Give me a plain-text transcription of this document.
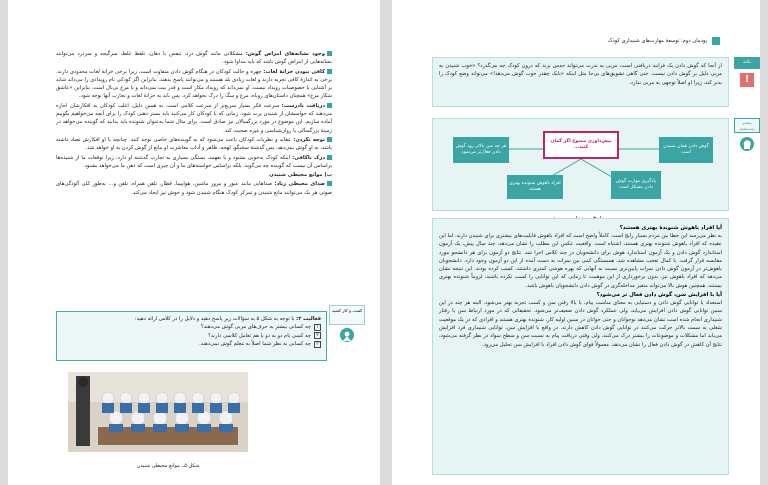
وجود نشانه‌های امراض گوش: مشکلاتی مانند گوش درد، تنفس با دهان، تلفظ غلط، سرگیجه و سردرد می‌توانند نشانه‌هایی از امراض گوش باشد که باید مداوا شود.
کافی نبودن خزانهٔ لغات: چهره و حالت کودکان در هنگام گوش دادن متفاوت است، زیرا برخی خزانهٔ لغات محدودی دارند. برخی به اندازهٔ کافی تجربه دارند و لغات زیادی بلد هستند و می‌توانند پاسخ بدهند. بنابراین اگر کودکی نام رویدادی را می‌داند شاید بر آشنایی با خصوصیات رویداد نیست. او نمی‌داند که رویداد مکار است و قدر بیت نمی‌داند و یا مرغ بی‌بال است. بنابراین «عاشق شکار مرغ» همچنان داستان‌های روباه، مرغ و سگ را درک نخواهد کرد. پس باید به خزانهٔ لغات و تجارب آنها توجه شود.
دریافت نادرست: سرعت فکر بسیار سریع‌تر از سرعت کلامی است. به همین دلیل، اغلب کودکان به افکارشان اجازه می‌دهند که حواسشان از شنیدن پرت شود. زمانی که با کودکان کار می‌کنید باید بستر ذهنی کودک را برای آنچه می‌خواهیم بگوییم آماده سازیم. این موضوع در مورد بزرگسالان نیز صادق است. برای مثال شما به‌عنوان شنونده باید بدانید که گوینده می‌خواهد در زمینهٔ بزرگسالی یا روان‌شناسی و غیره صحبت کند.
توجه نکردن: عقاید و نظریات کودکان باعث می‌شود که به گوینده‌های خاصی توجه کنند. چنانچه با او افکارش تضاد داشته باشد، به او گوش نمی‌دهد. پس گذشتهٔ سخنگو، لهجه، ظاهر و آداب معاشرت او مانع از گوش کردن به او خواهد شد.
درک ناکافی: اینکه کودک به‌خوبی بشنود و یا بفهمد، بستگی بسیاری به تجارب گذشته او دارد، زیرا توقعات ما از شنیده‌ها براساس آن نیست که گوینده چه می‌گوید، بلکه براساس خواسته‌های ما و آن چیزی است که ذهن ما می‌خواهد بشنود.
ب) موانع محیطی شنیدن
صدای محیطی زیاد: صداهایی مانند عبور و مرور ماشین، هواپیما، قطار، تلفن همراه، تلفن و… به‌طور کلی آلودگی‌های صوتی هر یک می‌توانند مانع شنیدن و تمرکز کودک هنگام شنیدن شود و خوش نیز ایجاد می‌کند.
کشت و کار کشید
فعالیت ۲: با توجه به شکل ۵ به سؤالات زیر پاسخ دهید و دلایل را در کلاس ارائه دهید:
۱
چه کسانی بیشتر به حرف‌های مربی گوش می‌دهند؟
۲
چه کسی نام دو به دو با هم تعامل کلاسی دارند؟
۳
چه کسانی به نظر شما اصلاً به معلم گوش نمی‌دهند.
شکل ۵ــ موانع محیطی شنیدن
پودمان دوم: توسعهٔ مهارت‌های شنیداری کودک
نکته
!
از آنجا که گوش دادن یک فرایند دریافتی است، مربی به ندرت می‌تواند حدس بزند که درون کودک چه می‌گذرد؟ «خوب شنیدن به مربی دلیل بر گوش دادن نیست. حتی گاهی تشویق‌های بی‌جا مثل اینکه «بابک چقدر خوب گوش می‌دهد!» می‌تواند وضع کودک را بدتر کند، زیرا او اصلاً توجهی به مربی ندارد.
بیشتر بیندیشیم
پیش‌داوری ممنوع اگر گمان کنید...	گوش دادن همان شنیدن است
هر چه سن بالاتر رود گوش دادن فعال‌تر می‌شود
یادگیری مهارت گوش دادن مشکل است
افراد باهوش شنونده بهتری هستند
آیا افراد باهوش شنوندهٔ بهتری هستند؟
به نظر می‌رسد این خطا بین مردم بسیار رایج است. کاملاً واضح است که افراد باهوش قابلیت‌های بیشتری برای شنیدن دارند، اما این عقیده که افراد باهوش شنونده بهتری هستند، اشتباه است. واقعیت عکس این مطلب را نشان می‌دهد. چند سال پیش، یک آزمون استاندارد گوش دادن و یک آزمون استاندارد هوش برای دانشجویان در چند کلاس اجرا شد. نتایج دو آزمون برای هر دانشجو مورد مقایسه قرار گرفت. با کمال تعجب مشاهده شد، همبستگی کمی بین نمرات به دست آمده از این دو آزمون وجود دارد. دانشجویان باهوش‌تر در آزمون گوش دادن نمرات پایین‌تری نسبت به آنهایی که بهره هوشی کمتری داشتند، کسب کرده بودند. این نتیجه نشان می‌دهد که افراد باهوش نیز، بدون برخورداری از این موهبت، تا زمانی که این توانایی را کسب نکرده باشند، لزوماً شنونده بهتری نیستند. همچنین هوش بالا می‌تواند متغیر مداخله‌گری در گوش دادن دانشجویان باهوش باشد.
آیا با افزایش سن، گوش دادن فعال تر می‌شود؟
استعداد یا توانایی گوش دادن و دستیابی به معنای مناسب پیام، با بالا رفتن سن و کسب تجربه بهتر می‌شود. البته هر چند در این سنین توانایی گوش دادن افزایش می‌یابد، ولی عملکرد گوش دادن ضعیف‌تر می‌شود. تحقیقاتی که در مورد ارتباط سن با رفتار شنیداری انجام شده است نشان می‌دهد نوجوانان و حتی جوانان در سنین اولیه کار، شنونده بهتری هستند و افرادی که در یک موقعیت شغلی به سمت بالاتر حرکت می‌کنند در توانایی گوش دادن کاهش دارند. در واقع با افزایش سن، توانایی شنیداری فرد افزایش می‌یابد اما مشکلات و موضوعات را بیشتر درک می‌کنند، ولی وقتی دریافت پیام به نسبت سن و سطح سواد در نظر گرفته می‌شود، نتایج آن کاهش در گوش دادن فعال را نشان می‌دهد. معمولاً قوای گوش دادن افراد با افزایش سن تحلیل می‌رود.
